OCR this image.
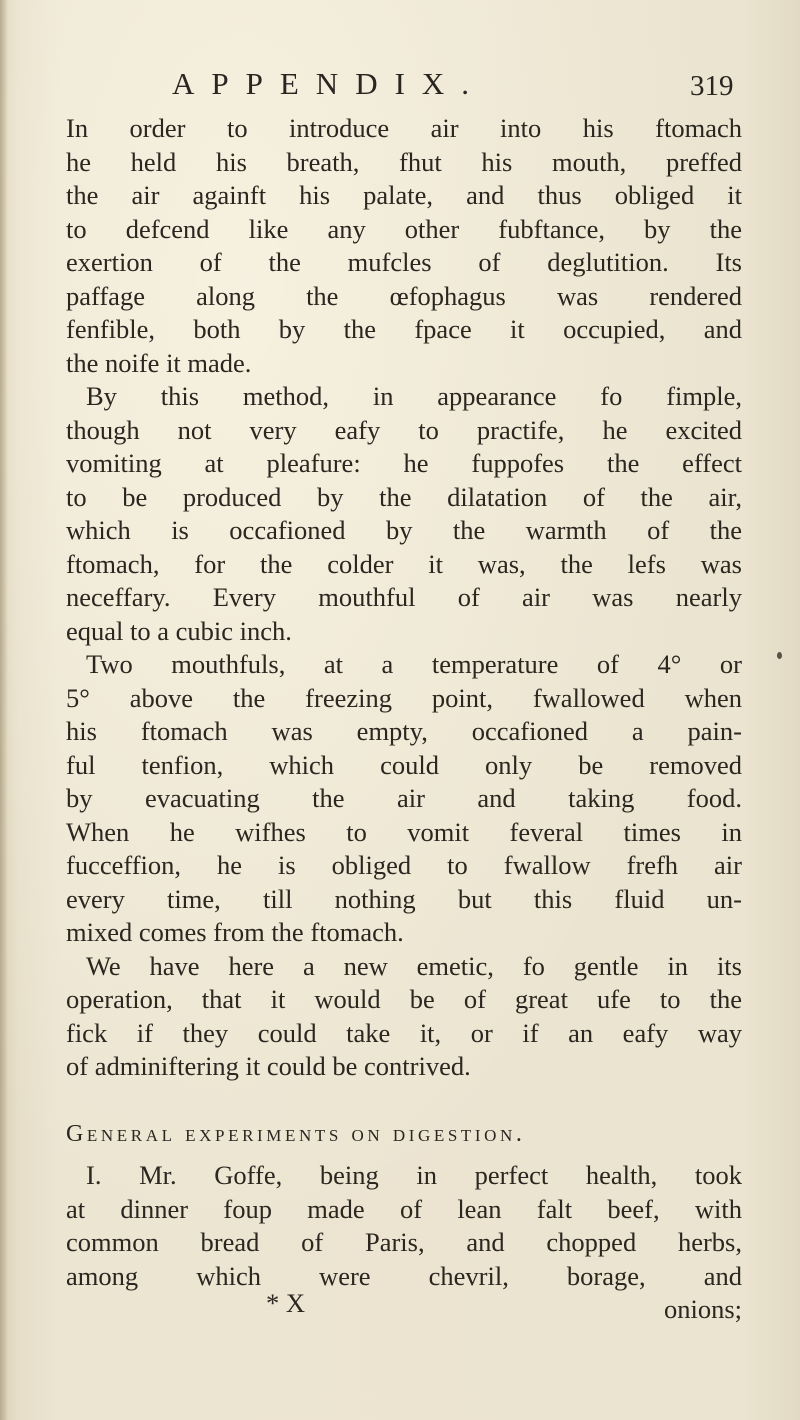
APPENDIX.	319
In order to introduce air into his ftomach
he held his breath, fhut his mouth, preffed
the air againft his palate, and thus obliged it
to defcend like any other fubftance, by the
exertion of the mufcles of deglutition. Its
paffage along the œfophagus was rendered
fenfible, both by the fpace it occupied, and
the noife it made.
By this method, in appearance fo fimple,
though not very eafy to practife, he excited
vomiting at pleafure: he fuppofes the effect
to be produced by the dilatation of the air,
which is occafioned by the warmth of the
ftomach, for the colder it was, the lefs was
neceffary. Every mouthful of air was nearly
equal to a cubic inch.
Two mouthfuls, at a temperature of 4° or
5° above the freezing point, fwallowed when
his ftomach was empty, occafioned a pain-
ful tenfion, which could only be removed
by evacuating the air and taking food.
When he wifhes to vomit feveral times in
fucceffion, he is obliged to fwallow frefh air
every time, till nothing but this fluid un-
mixed comes from the ftomach.
We have here a new emetic, fo gentle in its
operation, that it would be of great ufe to the
fick if they could take it, or if an eafy way
of adminiftering it could be contrived.
General experiments on digestion.
I. Mr. Goffe, being in perfect health, took
at dinner foup made of lean falt beef, with
common bread of Paris, and chopped herbs,
among which were chevril, borage, and
* X	onions;
